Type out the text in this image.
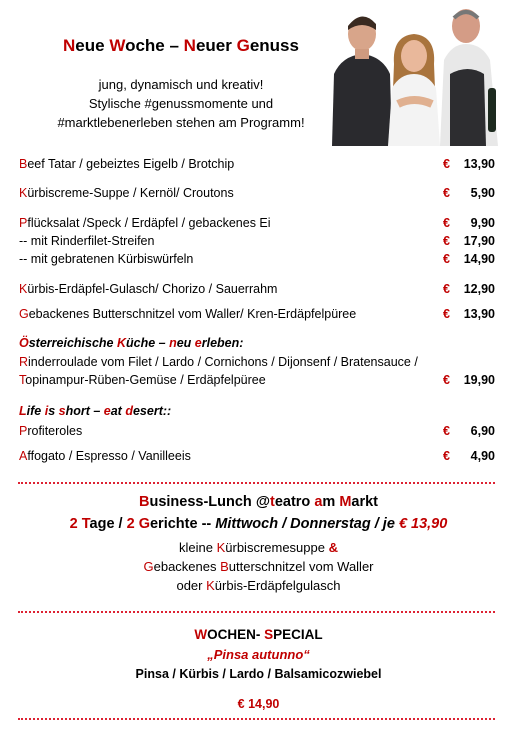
Neue Woche – Neuer Genuss
jung, dynamisch und kreativ!
Stylische #genussmomente und
#marktlebenerleben stehen am Programm!
Beef Tatar / gebeiztes Eigelb / Brotchip	€ 13,90
Kürbiscreme-Suppe / Kernöl/ Croutons	€ 5,90
Pflücksalat /Speck / Erdäpfel / gebackenes Ei	€ 9,90
-- mit Rinderfilet-Streifen	€ 17,90
-- mit gebratenen Kürbiswürfeln	€ 14,90
Kürbis-Erdäpfel-Gulasch/ Chorizo / Sauerrahm	€ 12,90
Gebackenes Butterschnitzel vom Waller/ Kren-Erdäpfelpüree	€ 13,90
Österreichische Küche – neu erleben:
Rinderroulade vom Filet / Lardo / Cornichons / Dijonsenf / Bratensauce /
Topinampur-Rüben-Gemüse / Erdäpfelpüree	€ 19,90
Life is short – eat desert::
Profiteroles	€ 6,90
Affogato / Espresso / Vanilleeis	€ 4,90
Business-Lunch @teatro am Markt
2 Tage / 2 Gerichte -- Mittwoch / Donnerstag / je € 13,90
kleine Kürbiscremesuppe &
Gebackenes Butterschnitzel vom Waller
oder Kürbis-Erdäpfelgulasch
WOCHEN- SPECIAL
„Pinsa autunno“
Pinsa / Kürbis / Lardo / Balsamicozwiebel
€ 14,90
